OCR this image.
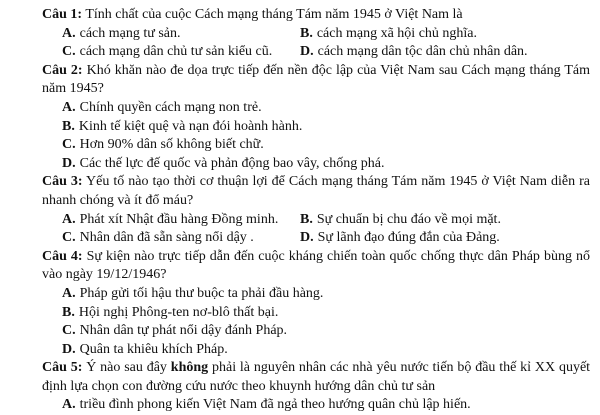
Câu 1: Tính chất của cuộc Cách mạng tháng Tám năm 1945 ở Việt Nam là
A. cách mạng tư sản.	B. cách mạng xã hội chủ nghĩa.
C. cách mạng dân chủ tư sản kiểu cũ. D. cách mạng dân tộc dân chủ nhân dân.
Câu 2: Khó khăn nào đe dọa trực tiếp đến nền độc lập của Việt Nam sau Cách mạng tháng Tám năm 1945?
A. Chính quyền cách mạng non trẻ.
B. Kinh tế kiệt quệ và nạn đói hoành hành.
C. Hơn 90% dân số không biết chữ.
D. Các thế lực đế quốc và phản động bao vây, chống phá.
Câu 3: Yếu tố nào tạo thời cơ thuận lợi để Cách mạng tháng Tám năm 1945 ở Việt Nam diễn ra nhanh chóng và ít đổ máu?
A. Phát xít Nhật đầu hàng Đồng minh. B. Sự chuẩn bị chu đáo về mọi mặt.
C. Nhân dân đã sẵn sàng nổi dậy .	D. Sự lãnh đạo đúng đắn của Đảng.
Câu 4: Sự kiện nào trực tiếp dẫn đến cuộc kháng chiến toàn quốc chống thực dân Pháp bùng nổ vào ngày 19/12/1946?
A. Pháp gửi tối hậu thư buộc ta phải đầu hàng.
B. Hội nghị Phông-ten nơ-blô thất bại.
C. Nhân dân tự phát nổi dậy đánh Pháp.
D. Quân ta khiêu khích Pháp.
Câu 5: Ý nào sau đây không phải là nguyên nhân các nhà yêu nước tiến bộ đầu thế kỉ XX quyết định lựa chọn con đường cứu nước theo khuynh hướng dân chủ tư sản
A. triều đình phong kiến Việt Nam đã ngả theo hướng quân chủ lập hiến.
